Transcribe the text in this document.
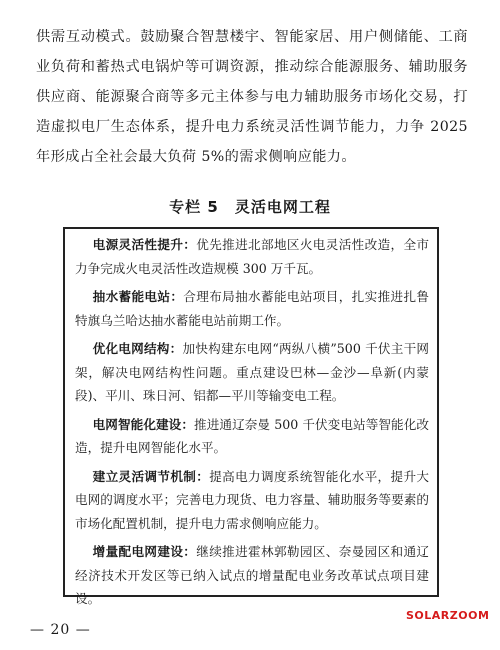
供需互动模式。鼓励聚合智慧楼宇、智能家居、用户侧储能、工商业负荷和蓄热式电锅炉等可调资源，推动综合能源服务、辅助服务供应商、能源聚合商等多元主体参与电力辅助服务市场化交易，打造虚拟电厂生态体系，提升电力系统灵活性调节能力，力争 2025 年形成占全社会最大负荷 5%的需求侧响应能力。

专栏 5　灵活电网工程

电源灵活性提升：优先推进北部地区火电灵活性改造，全市力争完成火电灵活性改造规模 300 万千瓦。

抽水蓄能电站：合理布局抽水蓄能电站项目，扎实推进扎鲁特旗乌兰哈达抽水蓄能电站前期工作。

优化电网结构：加快构建东电网“两纵八横”500 千伏主干网架，解决电网结构性问题。重点建设巴林—金沙—阜新(内蒙段)、平川、珠日河、铝都—平川等输变电工程。

电网智能化建设：推进通辽奈曼 500 千伏变电站等智能化改造，提升电网智能化水平。

建立灵活调节机制：提高电力调度系统智能化水平，提升大电网的调度水平；完善电力现货、电力容量、辅助服务等要素的市场化配置机制，提升电力需求侧响应能力。

增量配电网建设：继续推进霍林郭勒园区、奈曼园区和通辽经济技术开发区等已纳入试点的增量配电业务改革试点项目建设。

— 20 —
SOLARZOOM
